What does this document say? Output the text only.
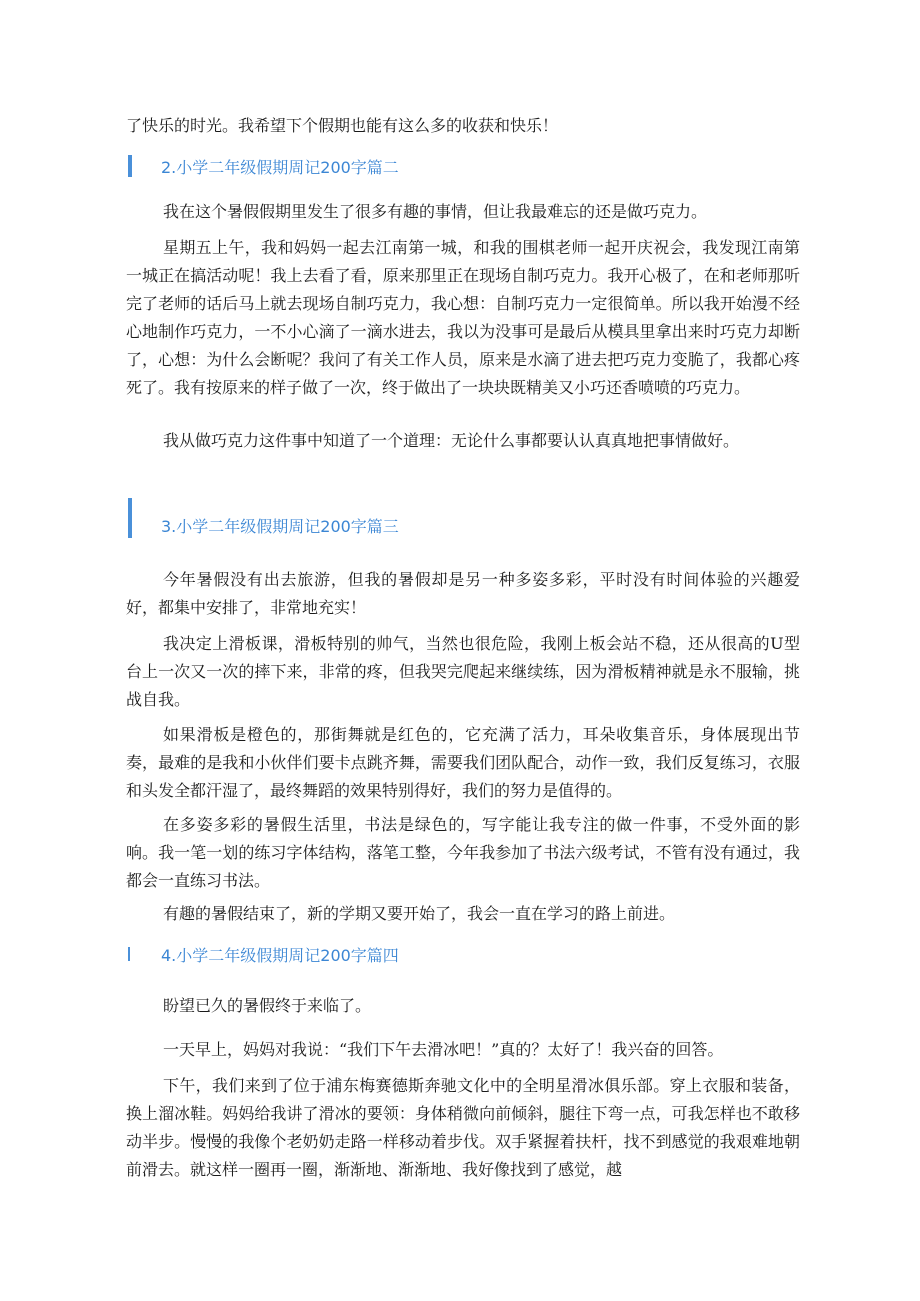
了快乐的时光。我希望下个假期也能有这么多的收获和快乐！

2.小学二年级假期周记200字篇二

我在这个暑假假期里发生了很多有趣的事情，但让我最难忘的还是做巧克力。

星期五上午，我和妈妈一起去江南第一城，和我的围棋老师一起开庆祝会，我发现江南第一城正在搞活动呢！我上去看了看，原来那里正在现场自制巧克力。我开心极了，在和老师那听完了老师的话后马上就去现场自制巧克力，我心想：自制巧克力一定很简单。所以我开始漫不经心地制作巧克力，一不小心滴了一滴水进去，我以为没事可是最后从模具里拿出来时巧克力却断了，心想：为什么会断呢？我问了有关工作人员，原来是水滴了进去把巧克力变脆了，我都心疼死了。我有按原来的样子做了一次，终于做出了一块块既精美又小巧还香喷喷的巧克力。

我从做巧克力这件事中知道了一个道理：无论什么事都要认认真真地把事情做好。

3.小学二年级假期周记200字篇三

今年暑假没有出去旅游，但我的暑假却是另一种多姿多彩，平时没有时间体验的兴趣爱好，都集中安排了，非常地充实！

我决定上滑板课，滑板特别的帅气，当然也很危险，我刚上板会站不稳，还从很高的U型台上一次又一次的摔下来，非常的疼，但我哭完爬起来继续练，因为滑板精神就是永不服输，挑战自我。

如果滑板是橙色的，那街舞就是红色的，它充满了活力，耳朵收集音乐，身体展现出节奏，最难的是我和小伙伴们要卡点跳齐舞，需要我们团队配合，动作一致，我们反复练习，衣服和头发全都汗湿了，最终舞蹈的效果特别得好，我们的努力是值得的。

在多姿多彩的暑假生活里，书法是绿色的，写字能让我专注的做一件事，不受外面的影响。我一笔一划的练习字体结构，落笔工整，今年我参加了书法六级考试，不管有没有通过，我都会一直练习书法。

有趣的暑假结束了，新的学期又要开始了，我会一直在学习的路上前进。

4.小学二年级假期周记200字篇四

盼望已久的暑假终于来临了。

一天早上，妈妈对我说：“我们下午去滑冰吧！”真的？太好了！我兴奋的回答。

下午，我们来到了位于浦东梅赛德斯奔驰文化中的全明星滑冰俱乐部。穿上衣服和装备，换上溜冰鞋。妈妈给我讲了滑冰的要领：身体稍微向前倾斜，腿往下弯一点，可我怎样也不敢移动半步。慢慢的我像个老奶奶走路一样移动着步伐。双手紧握着扶杆，找不到感觉的我艰难地朝前滑去。就这样一圈再一圈，渐渐地、渐渐地、我好像找到了感觉，越
